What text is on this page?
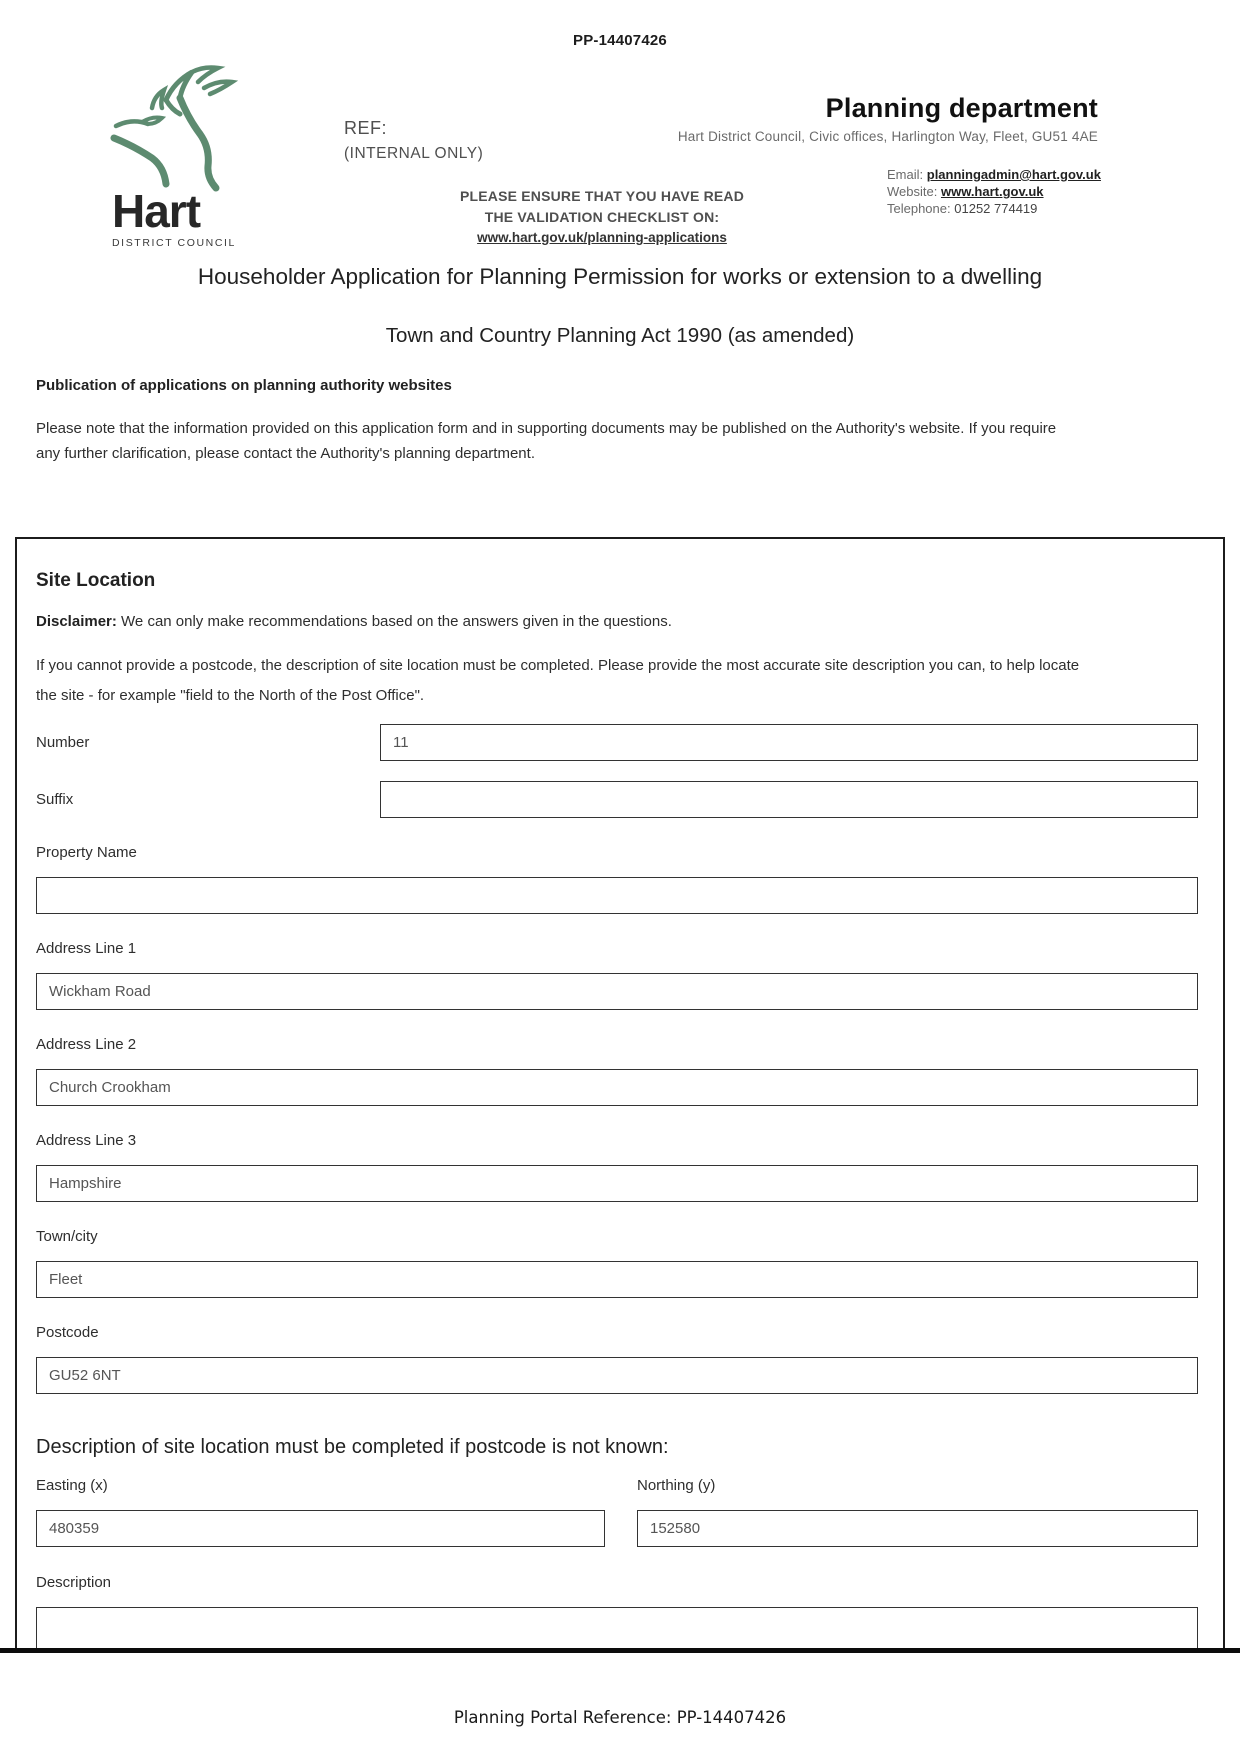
PP-14407426
Hart
DISTRICT COUNCIL
REF:
(INTERNAL ONLY)
Planning department
Hart District Council, Civic offices, Harlington Way, Fleet, GU51 4AE
Email: planningadmin@hart.gov.uk
Website: www.hart.gov.uk
Telephone: 01252 774419
PLEASE ENSURE THAT YOU HAVE READ
THE VALIDATION CHECKLIST ON:
www.hart.gov.uk/planning-applications
Householder Application for Planning Permission for works or extension to a dwelling
Town and Country Planning Act 1990 (as amended)
Publication of applications on planning authority websites
Please note that the information provided on this application form and in supporting documents may be published on the Authority's website. If you require any further clarification, please contact the Authority's planning department.
Site Location
Disclaimer: We can only make recommendations based on the answers given in the questions.
If you cannot provide a postcode, the description of site location must be completed. Please provide the most accurate site description you can, to help locate the site - for example "field to the North of the Post Office".
Number
11
Suffix
Property Name
Address Line 1
Wickham Road
Address Line 2
Church Crookham
Address Line 3
Hampshire
Town/city
Fleet
Postcode
GU52 6NT
Description of site location must be completed if postcode is not known:
Easting (x)
480359	Northing (y)
152580
Description
Planning Portal Reference: PP-14407426
